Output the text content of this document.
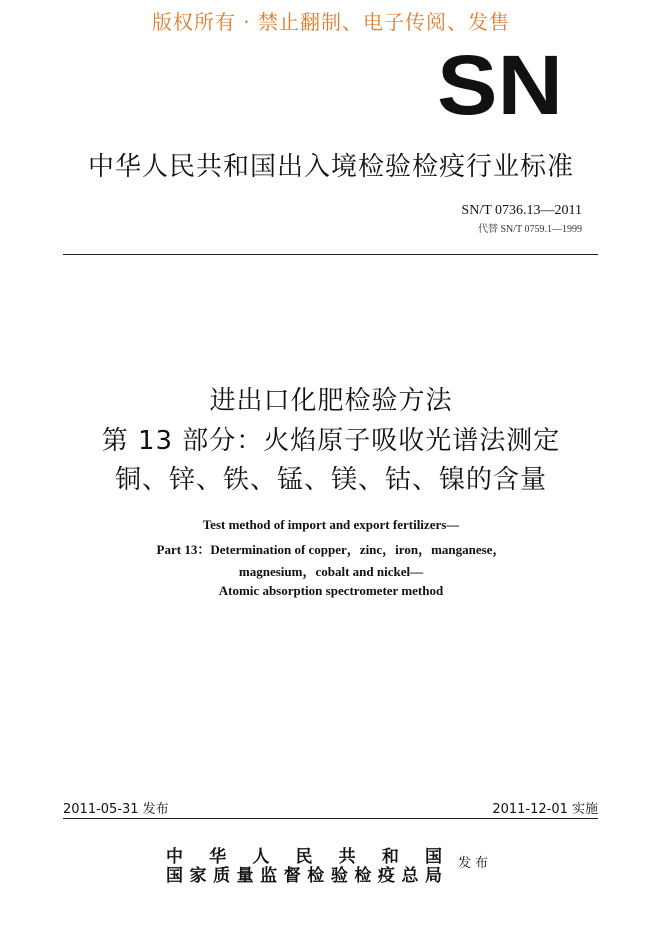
版权所有 · 禁止翻制、电子传阅、发售
SN
中华人民共和国出入境检验检疫行业标准
SN/T 0736.13—2011
代替 SN/T 0759.1—1999
进出口化肥检验方法
第 13 部分：火焰原子吸收光谱法测定
铜、锌、铁、锰、镁、钴、镍的含量
Test method of import and export fertilizers—
Part 13：Determination of copper，zinc，iron，manganese，
magnesium，cobalt and nickel—
Atomic absorption spectrometer method
2011-05-31 发布	2011-12-01 实施
中华人民共和国
国家质量监督检验检疫总局
发布
